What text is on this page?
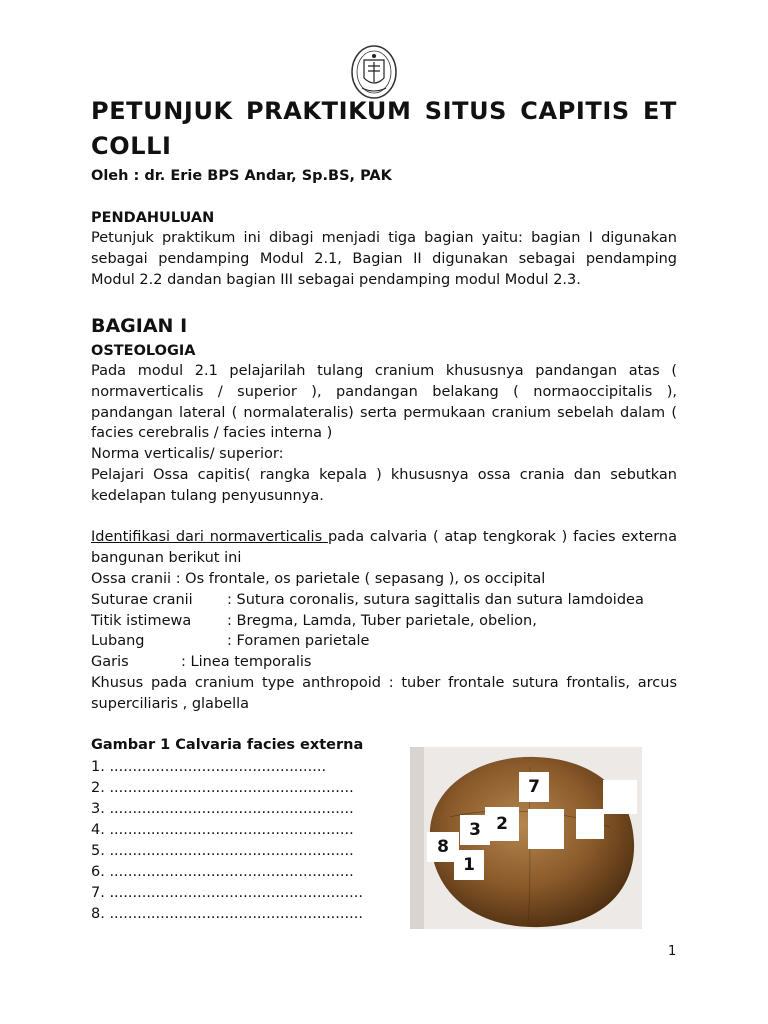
PETUNJUK PRAKTIKUM SITUS CAPITIS ET COLLI

Oleh : dr. Erie BPS Andar, Sp.BS, PAK

PENDAHULUAN

Petunjuk praktikum ini dibagi menjadi tiga bagian yaitu: bagian I digunakan sebagai pendamping Modul 2.1, Bagian II digunakan sebagai pendamping Modul 2.2 dandan bagian III sebagai pendamping modul Modul 2.3.

BAGIAN I

OSTEOLOGIA

Pada modul 2.1 pelajarilah tulang cranium khususnya pandangan atas ( normaverticalis / superior ), pandangan belakang ( normaoccipitalis ), pandangan lateral ( normalateralis) serta permukaan cranium sebelah dalam ( facies cerebralis / facies interna )

Norma verticalis/ superior:

Pelajari Ossa capitis( rangka kepala ) khususnya ossa crania dan sebutkan kedelapan tulang penyusunnya.

Identifikasi dari normaverticalis pada calvaria ( atap tengkorak ) facies externa bangunan berikut ini

Ossa cranii : Os frontale, os parietale ( sepasang ), os occipital

Suturae cranii	: Sutura coronalis, sutura sagittalis dan sutura lamdoidea
Titik istimewa	: Bregma, Lamda, Tuber parietale, obelion,
Lubang	: Foramen parietale
Garis	: Linea temporalis

Khusus pada cranium type anthropoid : tuber frontale sutura frontalis, arcus superciliaris , glabella

Gambar 1 Calvaria facies externa

1. ...............................................
2. .....................................................
3. .....................................................
4. .....................................................
5. .....................................................
6. .....................................................
7. .......................................................
8. .......................................................
7
2
3
8
1

1
